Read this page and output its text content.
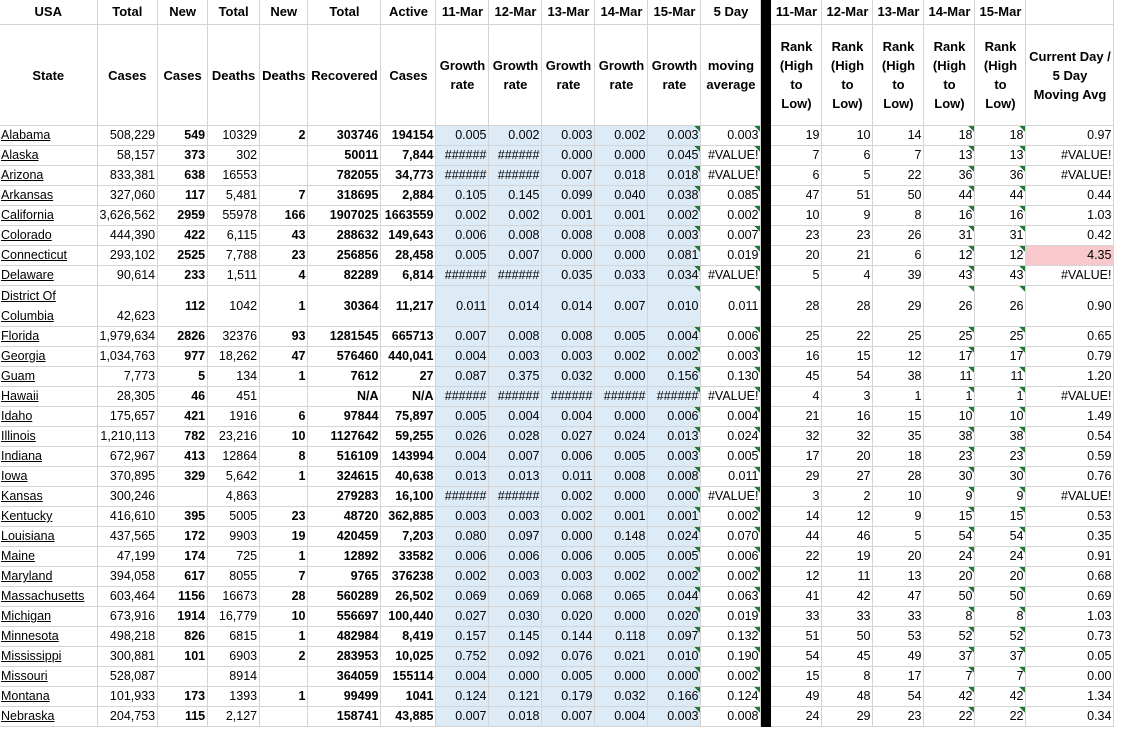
USA	Total	New	Total	New	Total	Active	11-Mar	12-Mar	13-Mar	14-Mar	15-Mar	5 Day		11-Mar	12-Mar	13-Mar	14-Mar	15-Mar	
State	Cases	Cases	Deaths	Deaths	Recovered	Cases	Growth rate	Growth rate	Growth rate	Growth rate	Growth rate	moving average		Rank (High to Low)	Rank (High to Low)	Rank (High to Low)	Rank (High to Low)	Rank (High to Low)	Current Day / 5 Day Moving Avg
Alabama	508,229	549	10329	2	303746	194154	0.005	0.002	0.003	0.002	0.003	0.003		19	10	14	18	18	0.97
Alaska	58,157	373	302		50011	7,844	######	######	0.000	0.000	0.045	#VALUE!		7	6	7	13	13	#VALUE!
Arizona	833,381	638	16553		782055	34,773	######	######	0.007	0.018	0.018	#VALUE!		6	5	22	36	36	#VALUE!
Arkansas	327,060	117	5,481	7	318695	2,884	0.105	0.145	0.099	0.040	0.038	0.085		47	51	50	44	44	0.44
California	3,626,562	2959	55978	166	1907025	1663559	0.002	0.002	0.001	0.001	0.002	0.002		10	9	8	16	16	1.03
Colorado	444,390	422	6,115	43	288632	149,643	0.006	0.008	0.008	0.008	0.003	0.007		23	23	26	31	31	0.42
Connecticut	293,102	2525	7,788	23	256856	28,458	0.005	0.007	0.000	0.000	0.081	0.019		20	21	6	12	12	4.35
Delaware	90,614	233	1,511	4	82289	6,814	######	######	0.035	0.033	0.034	#VALUE!		5	4	39	43	43	#VALUE!
District Of Columbia	42,623	112	1042	1	30364	11,217	0.011	0.014	0.014	0.007	0.010	0.011		28	28	29	26	26	0.90
Florida	1,979,634	2826	32376	93	1281545	665713	0.007	0.008	0.008	0.005	0.004	0.006		25	22	25	25	25	0.65
Georgia	1,034,763	977	18,262	47	576460	440,041	0.004	0.003	0.003	0.002	0.002	0.003		16	15	12	17	17	0.79
Guam	7,773	5	134	1	7612	27	0.087	0.375	0.032	0.000	0.156	0.130		45	54	38	11	11	1.20
Hawaii	28,305	46	451		N/A	N/A	######	######	######	######	######	#VALUE!		4	3	1	1	1	#VALUE!
Idaho	175,657	421	1916	6	97844	75,897	0.005	0.004	0.004	0.000	0.006	0.004		21	16	15	10	10	1.49
Illinois	1,210,113	782	23,216	10	1127642	59,255	0.026	0.028	0.027	0.024	0.013	0.024		32	32	35	38	38	0.54
Indiana	672,967	413	12864	8	516109	143994	0.004	0.007	0.006	0.005	0.003	0.005		17	20	18	23	23	0.59
Iowa	370,895	329	5,642	1	324615	40,638	0.013	0.013	0.011	0.008	0.008	0.011		29	27	28	30	30	0.76
Kansas	300,246		4,863		279283	16,100	######	######	0.002	0.000	0.000	#VALUE!		3	2	10	9	9	#VALUE!
Kentucky	416,610	395	5005	23	48720	362,885	0.003	0.003	0.002	0.001	0.001	0.002		14	12	9	15	15	0.53
Louisiana	437,565	172	9903	19	420459	7,203	0.080	0.097	0.000	0.148	0.024	0.070		44	46	5	54	54	0.35
Maine	47,199	174	725	1	12892	33582	0.006	0.006	0.006	0.005	0.005	0.006		22	19	20	24	24	0.91
Maryland	394,058	617	8055	7	9765	376238	0.002	0.003	0.003	0.002	0.002	0.002		12	11	13	20	20	0.68
Massachusetts	603,464	1156	16673	28	560289	26,502	0.069	0.069	0.068	0.065	0.044	0.063		41	42	47	50	50	0.69
Michigan	673,916	1914	16,779	10	556697	100,440	0.027	0.030	0.020	0.000	0.020	0.019		33	33	33	8	8	1.03
Minnesota	498,218	826	6815	1	482984	8,419	0.157	0.145	0.144	0.118	0.097	0.132		51	50	53	52	52	0.73
Mississippi	300,881	101	6903	2	283953	10,025	0.752	0.092	0.076	0.021	0.010	0.190		54	45	49	37	37	0.05
Missouri	528,087		8914		364059	155114	0.004	0.000	0.005	0.000	0.000	0.002		15	8	17	7	7	0.00
Montana	101,933	173	1393	1	99499	1041	0.124	0.121	0.179	0.032	0.166	0.124		49	48	54	42	42	1.34
Nebraska	204,753	115	2,127		158741	43,885	0.007	0.018	0.007	0.004	0.003	0.008		24	29	23	22	22	0.34
